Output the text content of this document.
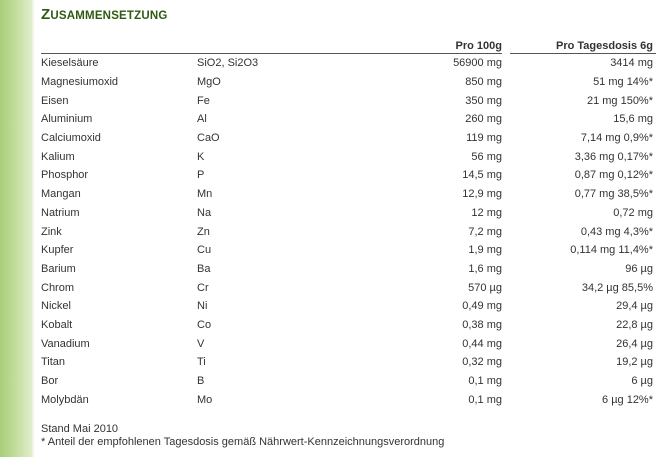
ZUSAMMENSETZUNG
		Pro 100g		Pro Tagesdosis 6g
Kieselsäure	SiO2, Si2O3	56900 mg		3414 mg
Magnesiumoxid	MgO	850 mg		51 mg 14%*
Eisen	Fe	350 mg		21 mg 150%*
Aluminium	Al	260 mg		15,6 mg
Calciumoxid	CaO	119 mg		7,14 mg 0,9%*
Kalium	K	56 mg		3,36 mg 0,17%*
Phosphor	P	14,5 mg		0,87 mg 0,12%*
Mangan	Mn	12,9 mg		0,77 mg 38,5%*
Natrium	Na	12 mg		0,72 mg
Zink	Zn	7,2 mg		0,43 mg 4,3%*
Kupfer	Cu	1,9 mg		0,114 mg 11,4%*
Barium	Ba	1,6 mg		96 µg
Chrom	Cr	570 µg		34,2 µg 85,5%
Nickel	Ni	0,49 mg		29,4 µg
Kobalt	Co	0,38 mg		22,8 µg
Vanadium	V	0,44 mg		26,4 µg
Titan	Ti	0,32 mg		19,2 µg
Bor	B	0,1 mg		6 µg
Molybdän	Mo	0,1 mg		6 µg 12%*
Stand Mai 2010
* Anteil der empfohlenen Tagesdosis gemäß Nährwert-Kennzeichnungsverordnung
